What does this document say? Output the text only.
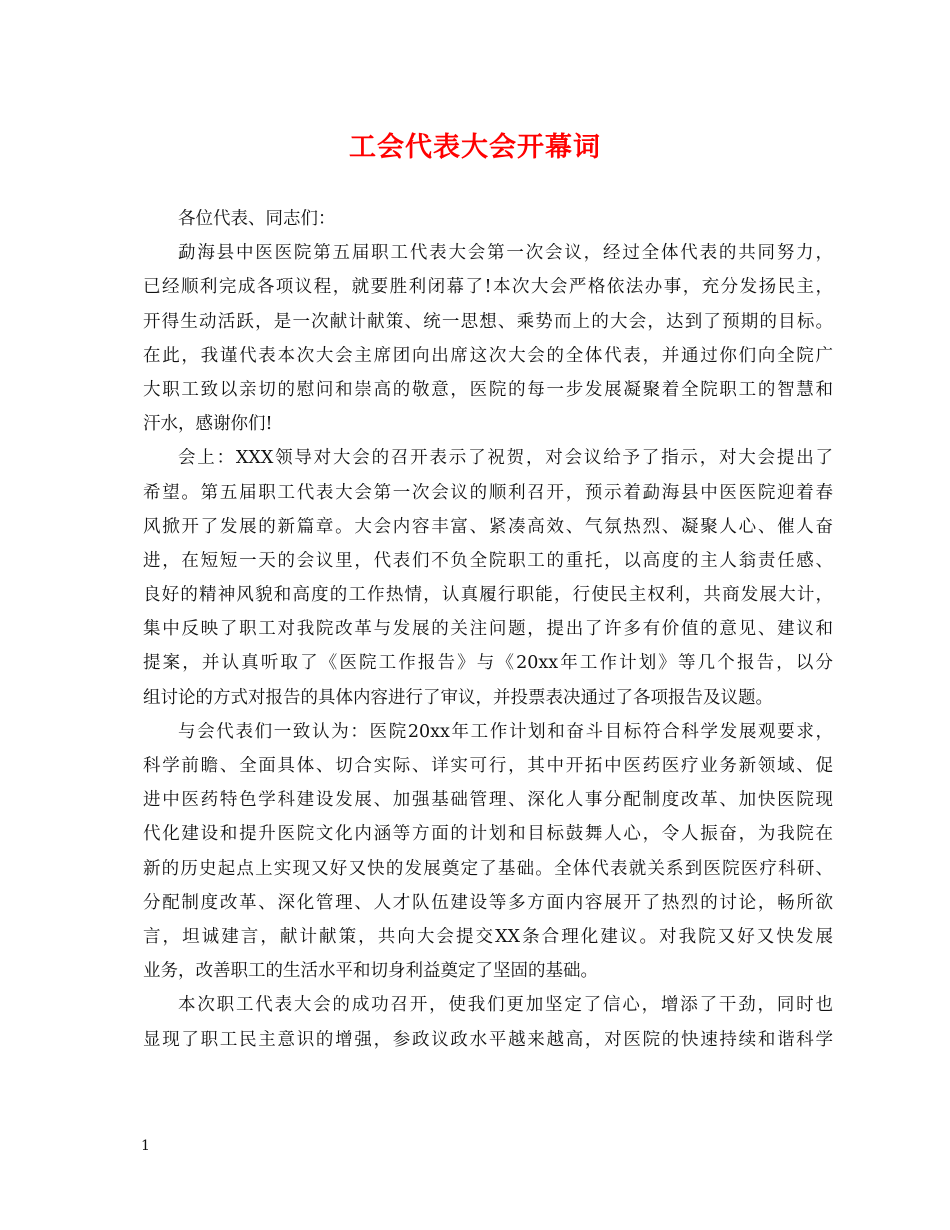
工会代表大会开幕词
各位代表、同志们：
勐海县中医医院第五届职工代表大会第一次会议，经过全体代表的共同努力，
已经顺利完成各项议程，就要胜利闭幕了!本次大会严格依法办事，充分发扬民主，
开得生动活跃，是一次献计献策、统一思想、乘势而上的大会，达到了预期的目标。
在此，我谨代表本次大会主席团向出席这次大会的全体代表，并通过你们向全院广
大职工致以亲切的慰问和崇高的敬意，医院的每一步发展凝聚着全院职工的智慧和
汗水，感谢你们!
会上：XXX领导对大会的召开表示了祝贺，对会议给予了指示，对大会提出了
希望。第五届职工代表大会第一次会议的顺利召开，预示着勐海县中医医院迎着春
风掀开了发展的新篇章。大会内容丰富、紧凑高效、气氛热烈、凝聚人心、催人奋
进，在短短一天的会议里，代表们不负全院职工的重托，以高度的主人翁责任感、
良好的精神风貌和高度的工作热情，认真履行职能，行使民主权利，共商发展大计，
集中反映了职工对我院改革与发展的关注问题，提出了许多有价值的意见、建议和
提案，并认真听取了《医院工作报告》与《20xx年工作计划》等几个报告，以分
组讨论的方式对报告的具体内容进行了审议，并投票表决通过了各项报告及议题。
与会代表们一致认为：医院20xx年工作计划和奋斗目标符合科学发展观要求，
科学前瞻、全面具体、切合实际、详实可行，其中开拓中医药医疗业务新领域、促
进中医药特色学科建设发展、加强基础管理、深化人事分配制度改革、加快医院现
代化建设和提升医院文化内涵等方面的计划和目标鼓舞人心，令人振奋，为我院在
新的历史起点上实现又好又快的发展奠定了基础。全体代表就关系到医院医疗科研、
分配制度改革、深化管理、人才队伍建设等多方面内容展开了热烈的讨论，畅所欲
言，坦诚建言，献计献策，共向大会提交XX条合理化建议。对我院又好又快发展
业务，改善职工的生活水平和切身利益奠定了坚固的基础。
本次职工代表大会的成功召开，使我们更加坚定了信心，增添了干劲，同时也
显现了职工民主意识的增强，参政议政水平越来越高，对医院的快速持续和谐科学
1
